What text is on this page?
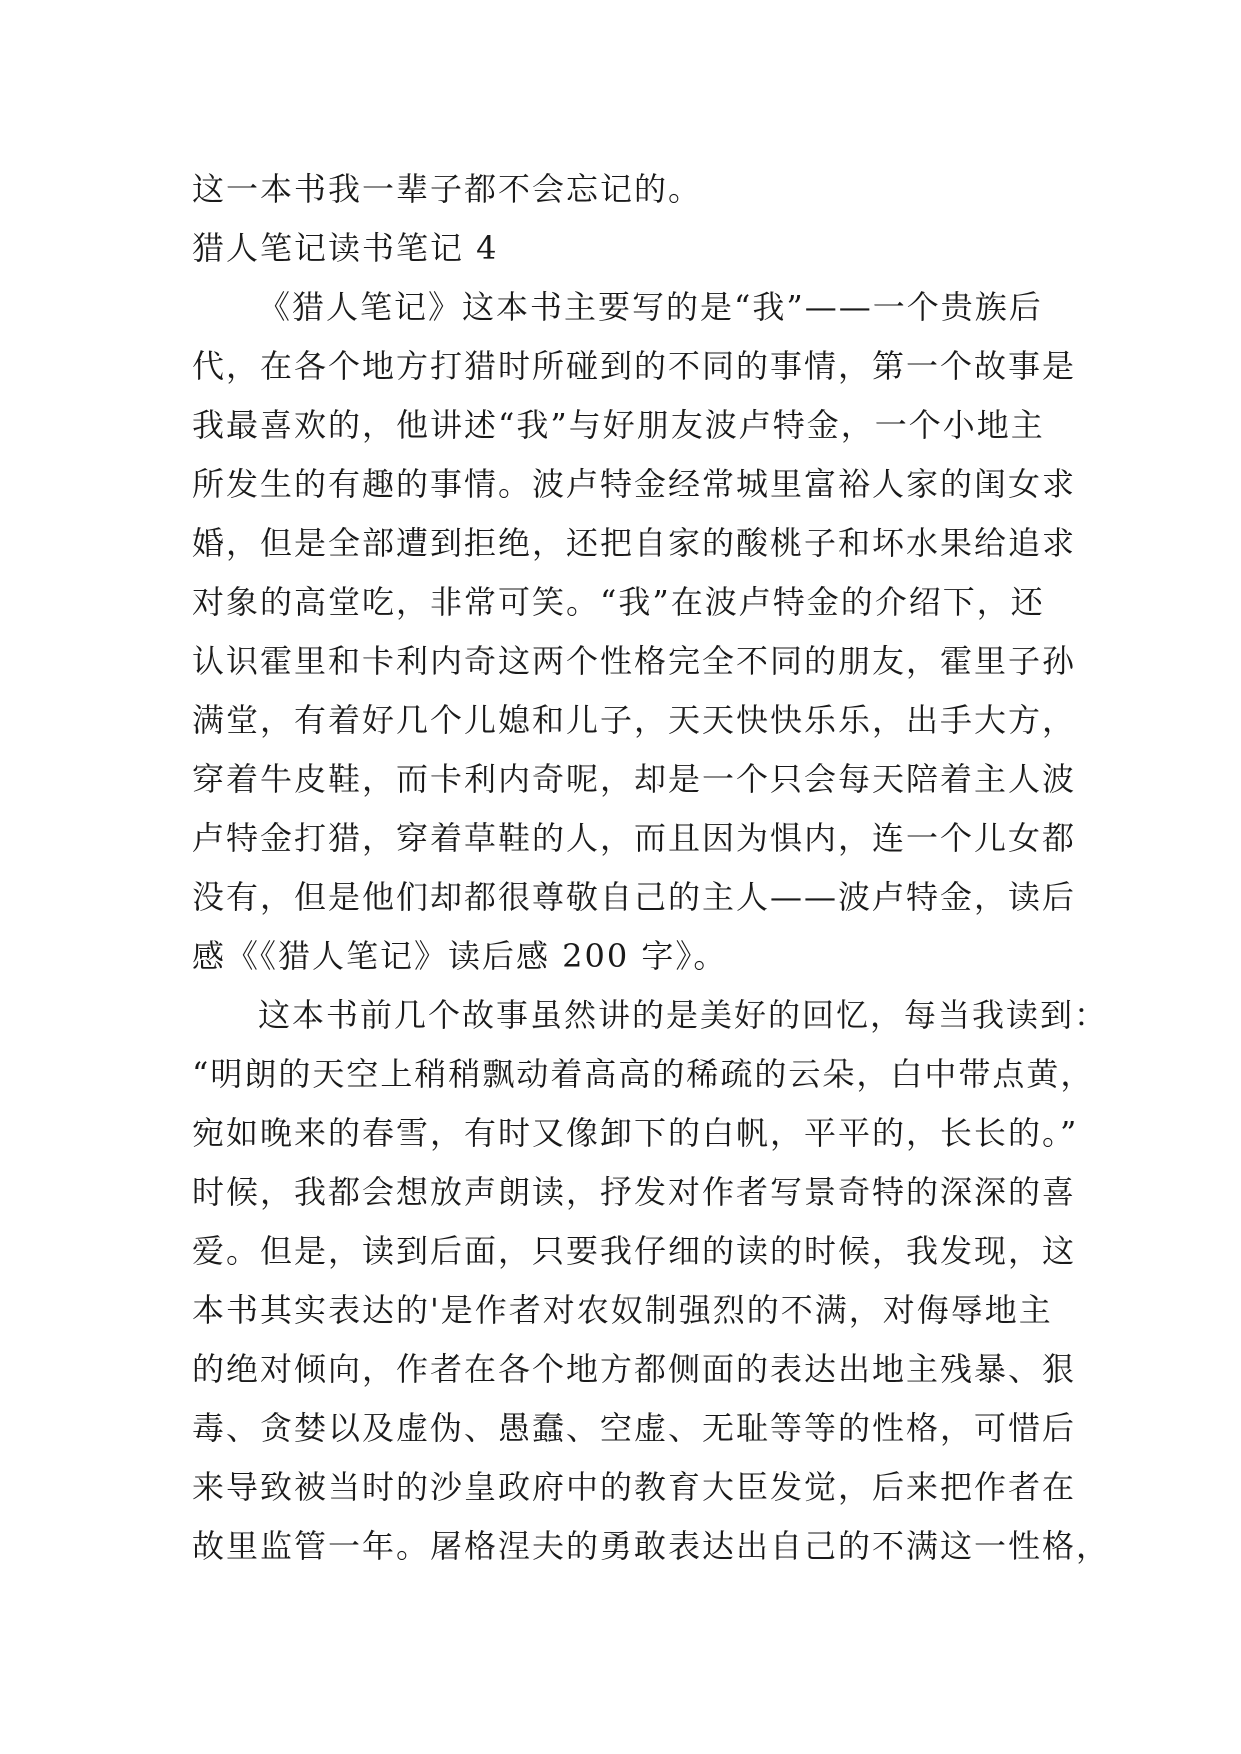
这一本书我一辈子都不会忘记的。
猎人笔记读书笔记 4
《猎人笔记》这本书主要写的是“我”——一个贵族后
代，在各个地方打猎时所碰到的不同的事情，第一个故事是
我最喜欢的，他讲述“我”与好朋友波卢特金，一个小地主
所发生的有趣的事情。波卢特金经常城里富裕人家的闺女求
婚，但是全部遭到拒绝，还把自家的酸桃子和坏水果给追求
对象的高堂吃，非常可笑。“我”在波卢特金的介绍下，还
认识霍里和卡利内奇这两个性格完全不同的朋友，霍里子孙
满堂，有着好几个儿媳和儿子，天天快快乐乐，出手大方，
穿着牛皮鞋，而卡利内奇呢，却是一个只会每天陪着主人波
卢特金打猎，穿着草鞋的人，而且因为惧内，连一个儿女都
没有，但是他们却都很尊敬自己的主人——波卢特金，读后
感《《猎人笔记》读后感 200 字》。
这本书前几个故事虽然讲的是美好的回忆，每当我读到：
“明朗的天空上稍稍飘动着高高的稀疏的云朵，白中带点黄，
宛如晚来的春雪，有时又像卸下的白帆，平平的，长长的。”
时候，我都会想放声朗读，抒发对作者写景奇特的深深的喜
爱。但是，读到后面，只要我仔细的读的时候，我发现，这
本书其实表达的'是作者对农奴制强烈的不满，对侮辱地主
的绝对倾向，作者在各个地方都侧面的表达出地主残暴、狠
毒、贪婪以及虚伪、愚蠢、空虚、无耻等等的性格，可惜后
来导致被当时的沙皇政府中的教育大臣发觉，后来把作者在
故里监管一年。屠格涅夫的勇敢表达出自己的不满这一性格，
